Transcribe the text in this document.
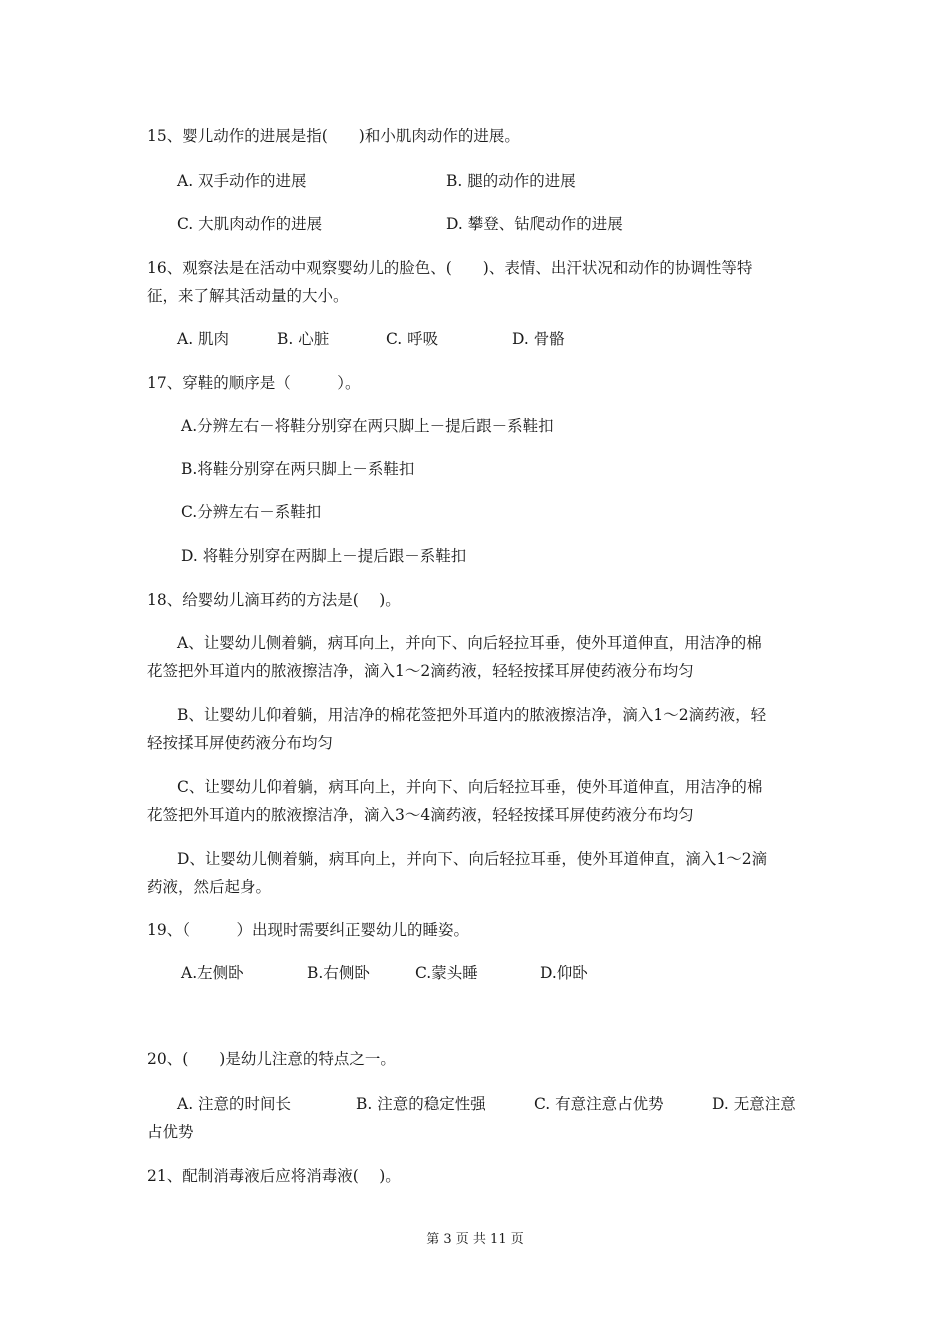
15、婴儿动作的进展是指(　　)和小肌肉动作的进展。
A. 双手动作的进展	B. 腿的动作的进展
C. 大肌肉动作的进展	D. 攀登、钻爬动作的进展
16、观察法是在活动中观察婴幼儿的脸色、(　　)、表情、出汗状况和动作的协调性等特
征，来了解其活动量的大小。
A. 肌肉	B. 心脏	C. 呼吸	D. 骨骼
17、穿鞋的顺序是（　　　）。
A.分辨左右－将鞋分别穿在两只脚上－提后跟－系鞋扣
B.将鞋分别穿在两只脚上－系鞋扣
C.分辨左右－系鞋扣
D. 将鞋分别穿在两脚上－提后跟－系鞋扣
18、给婴幼儿滴耳药的方法是(　 )。
A、让婴幼儿侧着躺，病耳向上，并向下、向后轻拉耳垂，使外耳道伸直，用洁净的棉
花签把外耳道内的脓液擦洁净，滴入1～2滴药液，轻轻按揉耳屏使药液分布均匀
B、让婴幼儿仰着躺，用洁净的棉花签把外耳道内的脓液擦洁净，滴入1～2滴药液，轻
轻按揉耳屏使药液分布均匀
C、让婴幼儿仰着躺，病耳向上，并向下、向后轻拉耳垂，使外耳道伸直，用洁净的棉
花签把外耳道内的脓液擦洁净，滴入3～4滴药液，轻轻按揉耳屏使药液分布均匀
D、让婴幼儿侧着躺，病耳向上，并向下、向后轻拉耳垂，使外耳道伸直，滴入1～2滴
药液，然后起身。
19、（　　　）出现时需要纠正婴幼儿的睡姿。
A.左侧卧	B.右侧卧	C.蒙头睡	D.仰卧
20、(　　)是幼儿注意的特点之一。
A. 注意的时间长	B. 注意的稳定性强	C. 有意注意占优势	D. 无意注意
占优势
21、配制消毒液后应将消毒液(　 )。
第 3 页 共 11 页
